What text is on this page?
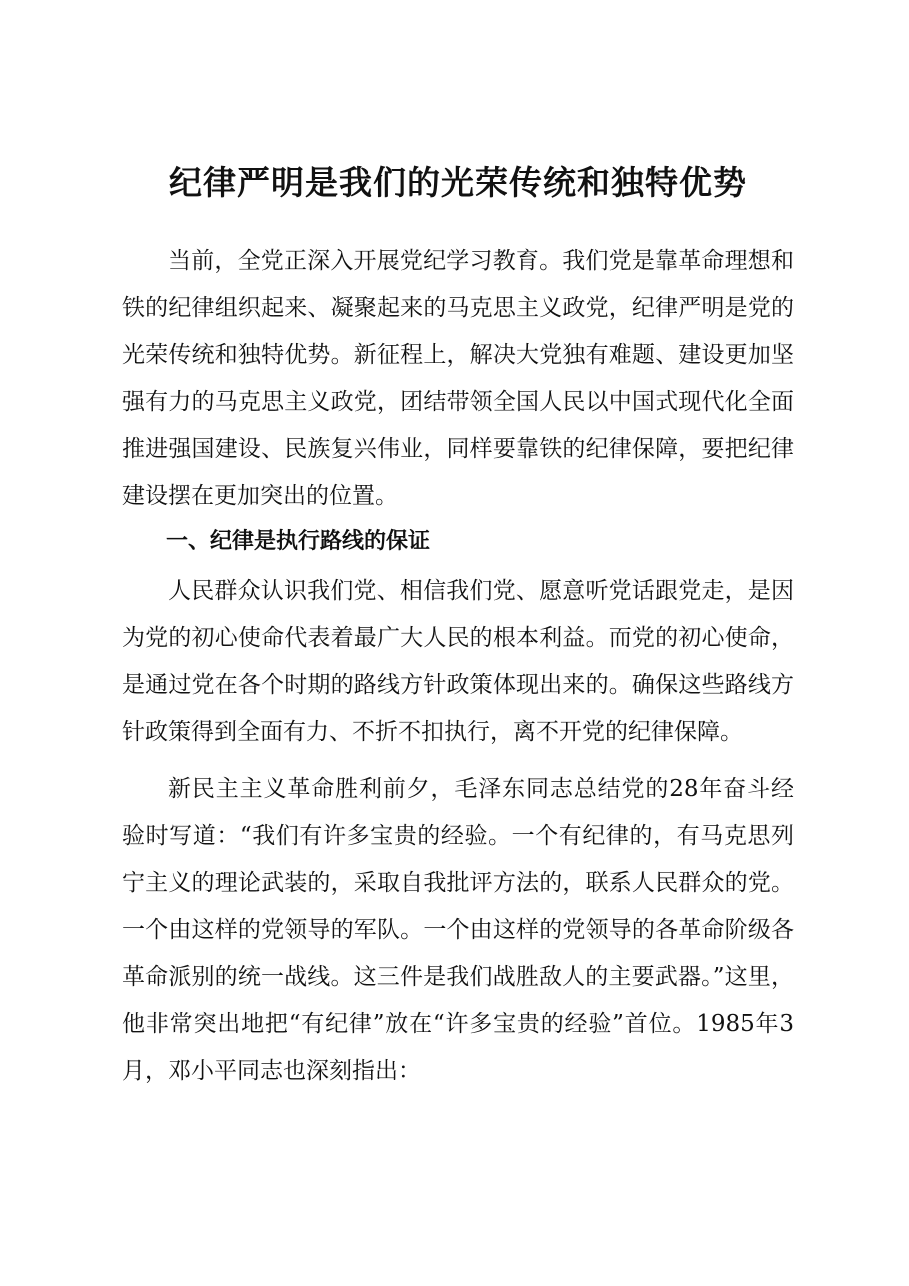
纪律严明是我们的光荣传统和独特优势

当前，全党正深入开展党纪学习教育。我们党是靠革命理想和铁的纪律组织起来、凝聚起来的马克思主义政党，纪律严明是党的光荣传统和独特优势。新征程上，解决大党独有难题、建设更加坚强有力的马克思主义政党，团结带领全国人民以中国式现代化全面推进强国建设、民族复兴伟业，同样要靠铁的纪律保障，要把纪律建设摆在更加突出的位置。

一、纪律是执行路线的保证

人民群众认识我们党、相信我们党、愿意听党话跟党走，是因为党的初心使命代表着最广大人民的根本利益。而党的初心使命，是通过党在各个时期的路线方针政策体现出来的。确保这些路线方针政策得到全面有力、不折不扣执行，离不开党的纪律保障。

新民主主义革命胜利前夕，毛泽东同志总结党的28年奋斗经验时写道：“我们有许多宝贵的经验。一个有纪律的，有马克思列宁主义的理论武装的，采取自我批评方法的，联系人民群众的党。一个由这样的党领导的军队。一个由这样的党领导的各革命阶级各革命派别的统一战线。这三件是我们战胜敌人的主要武器。”这里，他非常突出地把“有纪律”放在“许多宝贵的经验”首位。1985年3月，邓小平同志也深刻指出：
